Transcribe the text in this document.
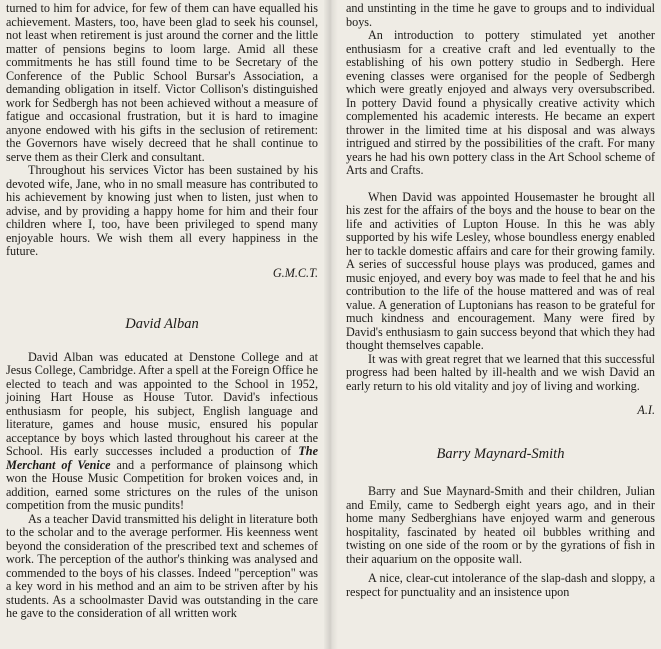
turned to him for advice, for few of them can have equalled his achievement. Masters, too, have been glad to seek his counsel, not least when retirement is just around the corner and the little matter of pensions begins to loom large. Amid all these commitments he has still found time to be Secretary of the Conference of the Public School Bursar's Association, a demanding obligation in itself. Victor Collison's distinguished work for Sedbergh has not been achieved without a measure of fatigue and occasional frustration, but it is hard to imagine anyone endowed with his gifts in the seclusion of retirement: the Governors have wisely decreed that he shall continue to serve them as their Clerk and consultant.

Throughout his services Victor has been sustained by his devoted wife, Jane, who in no small measure has contributed to his achievement by knowing just when to listen, just when to advise, and by providing a happy home for him and their four children where I, too, have been privileged to spend many enjoyable hours. We wish them all every happiness in the future.

G.M.C.T.
David Alban

David Alban was educated at Denstone College and at Jesus College, Cambridge. After a spell at the Foreign Office he elected to teach and was appointed to the School in 1952, joining Hart House as House Tutor. David's infectious enthusiasm for people, his subject, English language and literature, games and house music, ensured his popular acceptance by boys which lasted throughout his career at the School. His early successes included a production of The Merchant of Venice and a performance of plainsong which won the House Music Competition for broken voices and, in addition, earned some strictures on the rules of the unison competition from the music pundits!

As a teacher David transmitted his delight in literature both to the scholar and to the average performer. His keenness went beyond the consideration of the prescribed text and schemes of work. The perception of the author's thinking was analysed and commended to the boys of his classes. Indeed "perception" was a key word in his method and an aim to be striven after by his students. As a schoolmaster David was outstanding in the care he gave to the consideration of all written work

and unstinting in the time he gave to groups and to individual boys.

An introduction to pottery stimulated yet another enthusiasm for a creative craft and led eventually to the establishing of his own pottery studio in Sedbergh. Here evening classes were organised for the people of Sedbergh which were greatly enjoyed and always very oversubscribed. In pottery David found a physically creative activity which complemented his academic interests. He became an expert thrower in the limited time at his disposal and was always intrigued and stirred by the possibilities of the craft. For many years he had his own pottery class in the Art School scheme of Arts and Crafts.

When David was appointed Housemaster he brought all his zest for the affairs of the boys and the house to bear on the life and activities of Lupton House. In this he was ably supported by his wife Lesley, whose boundless energy enabled her to tackle domestic affairs and care for their growing family. A series of successful house plays was produced, games and music enjoyed, and every boy was made to feel that he and his contribution to the life of the house mattered and was of real value. A generation of Luptonians has reason to be grateful for much kindness and encouragement. Many were fired by David's enthusiasm to gain success beyond that which they had thought themselves capable.

It was with great regret that we learned that this successful progress had been halted by ill-health and we wish David an early return to his old vitality and joy of living and working.

A.I.
Barry Maynard-Smith

Barry and Sue Maynard-Smith and their children, Julian and Emily, came to Sedbergh eight years ago, and in their home many Sedberghians have enjoyed warm and generous hospitality, fascinated by heated oil bubbles writhing and twisting on one side of the room or by the gyrations of fish in their aquarium on the opposite wall.

A nice, clear-cut intolerance of the slap-dash and sloppy, a respect for punctuality and an insistence upon
